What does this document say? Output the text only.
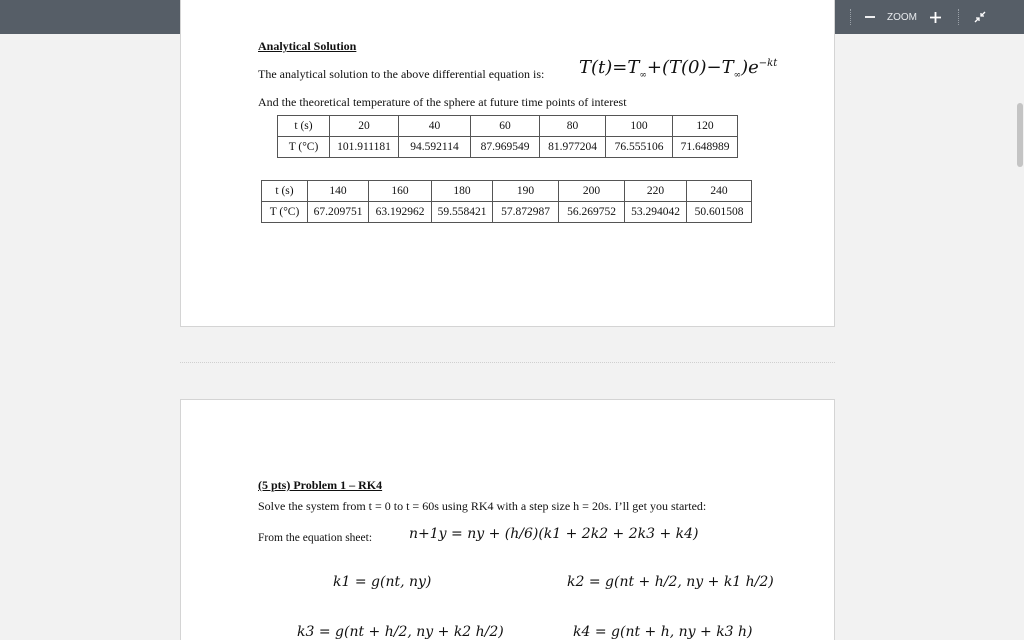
ZOOM
Analytical Solution
The analytical solution to the above differential equation is: $T(t)=T_\infty+(T(0)-T_\infty)e^{-kt}$
And the theoretical temperature of the sphere at future time points of interest
t (s)	20	40	60	80	100	120
T (°C)	101.911181	94.592114	87.969549	81.977204	76.555106	71.648989
t (s)	140	160	180	190	200	220	240
T (°C)	67.209751	63.192962	59.558421	57.872987	56.269752	53.294042	50.601508
(5 pts) Problem 1 – RK4
Solve the system from t = 0 to t = 60s using RK4 with a step size h = 20s. I’ll get you started:
From the equation sheet:	n+1y = ny + (h/6)(k1 + 2k2 + 2k3 + k4)
k1 = g(nt, ny)	k2 = g(nt + h/2, ny + k1 h/2)
k3 = g(nt + h/2, ny + k2 h/2)	k4 = g(nt + h, ny + k3 h)
